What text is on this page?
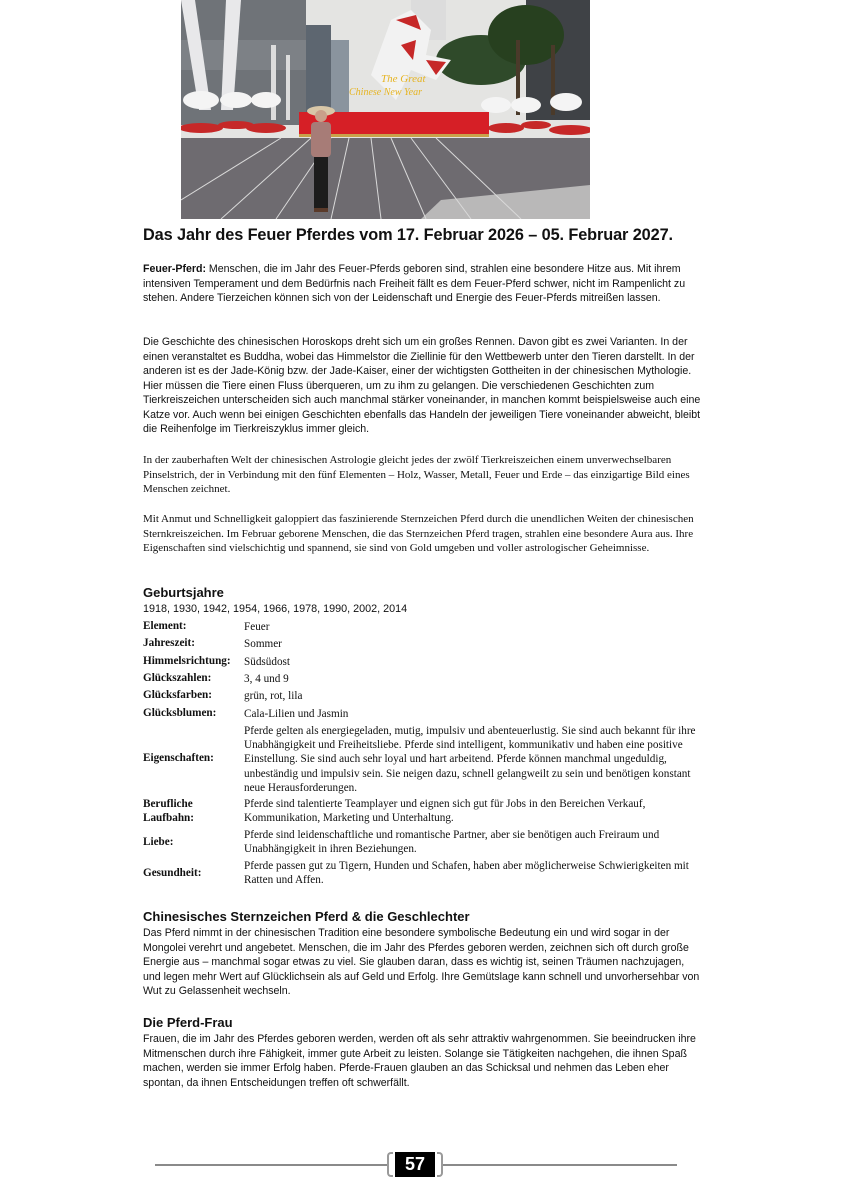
The Great
Chinese New Year
Das Jahr des Feuer Pferdes vom 17. Februar 2026 – 05. Februar 2027.
Feuer-Pferd: Menschen, die im Jahr des Feuer-Pferds geboren sind, strahlen eine besondere Hitze aus. Mit ihrem intensiven Temperament und dem Bedürfnis nach Freiheit fällt es dem Feuer-Pferd schwer, nicht im Rampenlicht zu stehen. Andere Tierzeichen können sich von der Leidenschaft und Energie des Feuer-Pferds mitreißen lassen.
Die Geschichte des chinesischen Horoskops dreht sich um ein großes Rennen. Davon gibt es zwei Varianten. In der einen veranstaltet es Buddha, wobei das Himmelstor die Ziellinie für den Wettbewerb unter den Tieren darstellt. In der anderen ist es der Jade-König bzw. der Jade-Kaiser, einer der wichtigsten Gottheiten in der chinesischen Mythologie. Hier müssen die Tiere einen Fluss überqueren, um zu ihm zu gelangen. Die verschiedenen Geschichten zum Tierkreiszeichen unterscheiden sich auch manchmal stärker voneinander, in manchen kommt beispielsweise auch eine Katze vor. Auch wenn bei einigen Geschichten ebenfalls das Handeln der jeweiligen Tiere voneinander abweicht, bleibt die Reihenfolge im Tierkreiszyklus immer gleich.
In der zauberhaften Welt der chinesischen Astrologie gleicht jedes der zwölf Tierkreiszeichen einem unverwechselbaren Pinselstrich, der in Verbindung mit den fünf Elementen – Holz, Wasser, Metall, Feuer und Erde – das einzigartige Bild eines Menschen zeichnet.
Mit Anmut und Schnelligkeit galoppiert das faszinierende Sternzeichen Pferd durch die unendlichen Weiten der chinesischen Sternkreiszeichen. Im Februar geborene Menschen, die das Sternzeichen Pferd tragen, strahlen eine besondere Aura aus. Ihre Eigenschaften sind vielschichtig und spannend, sie sind von Gold umgeben und voller astrologischer Geheimnisse.
Geburtsjahre
1918, 1930, 1942, 1954, 1966, 1978, 1990, 2002, 2014
Element:	Feuer
Jahreszeit:	Sommer
Himmelsrichtung: Südsüdost
Glückszahlen:	3, 4 und 9
Glücksfarben:	grün, rot, lila
Glücksblumen: Cala-Lilien und Jasmin
Eigenschaften:
Pferde gelten als energiegeladen, mutig, impulsiv und abenteuerlustig. Sie sind auch bekannt für ihre Unabhängigkeit und Freiheitsliebe. Pferde sind intelligent, kommunikativ und haben eine positive Einstellung. Sie sind auch sehr loyal und hart arbeitend. Pferde können manchmal ungeduldig, unbeständig und impulsiv sein. Sie neigen dazu, schnell gelangweilt zu sein und benötigen konstant neue Herausforderungen.
Berufliche
Laufbahn:
Pferde sind talentierte Teamplayer und eignen sich gut für Jobs in den Bereichen Verkauf, Kommunikation, Marketing und Unterhaltung.
Liebe:
Pferde sind leidenschaftliche und romantische Partner, aber sie benötigen auch Freiraum und Unabhängigkeit in ihren Beziehungen.
Gesundheit:
Pferde passen gut zu Tigern, Hunden und Schafen, haben aber möglicherweise Schwierigkeiten mit Ratten und Affen.
Chinesisches Sternzeichen Pferd & die Geschlechter
Das Pferd nimmt in der chinesischen Tradition eine besondere symbolische Bedeutung ein und wird sogar in der Mongolei verehrt und angebetet. Menschen, die im Jahr des Pferdes geboren werden, zeichnen sich oft durch große Energie aus – manchmal sogar etwas zu viel. Sie glauben daran, dass es wichtig ist, seinen Träumen nachzujagen, und legen mehr Wert auf Glücklichsein als auf Geld und Erfolg. Ihre Gemütslage kann schnell und unvorhersehbar von Wut zu Gelassenheit wechseln.
Die Pferd-Frau
Frauen, die im Jahr des Pferdes geboren werden, werden oft als sehr attraktiv wahrgenommen. Sie beeindrucken ihre Mitmenschen durch ihre Fähigkeit, immer gute Arbeit zu leisten. Solange sie Tätigkeiten nachgehen, die ihnen Spaß machen, werden sie immer Erfolg haben. Pferde-Frauen glauben an das Schicksal und nehmen das Leben eher spontan, da ihnen Entscheidungen treffen oft schwerfällt.
57
